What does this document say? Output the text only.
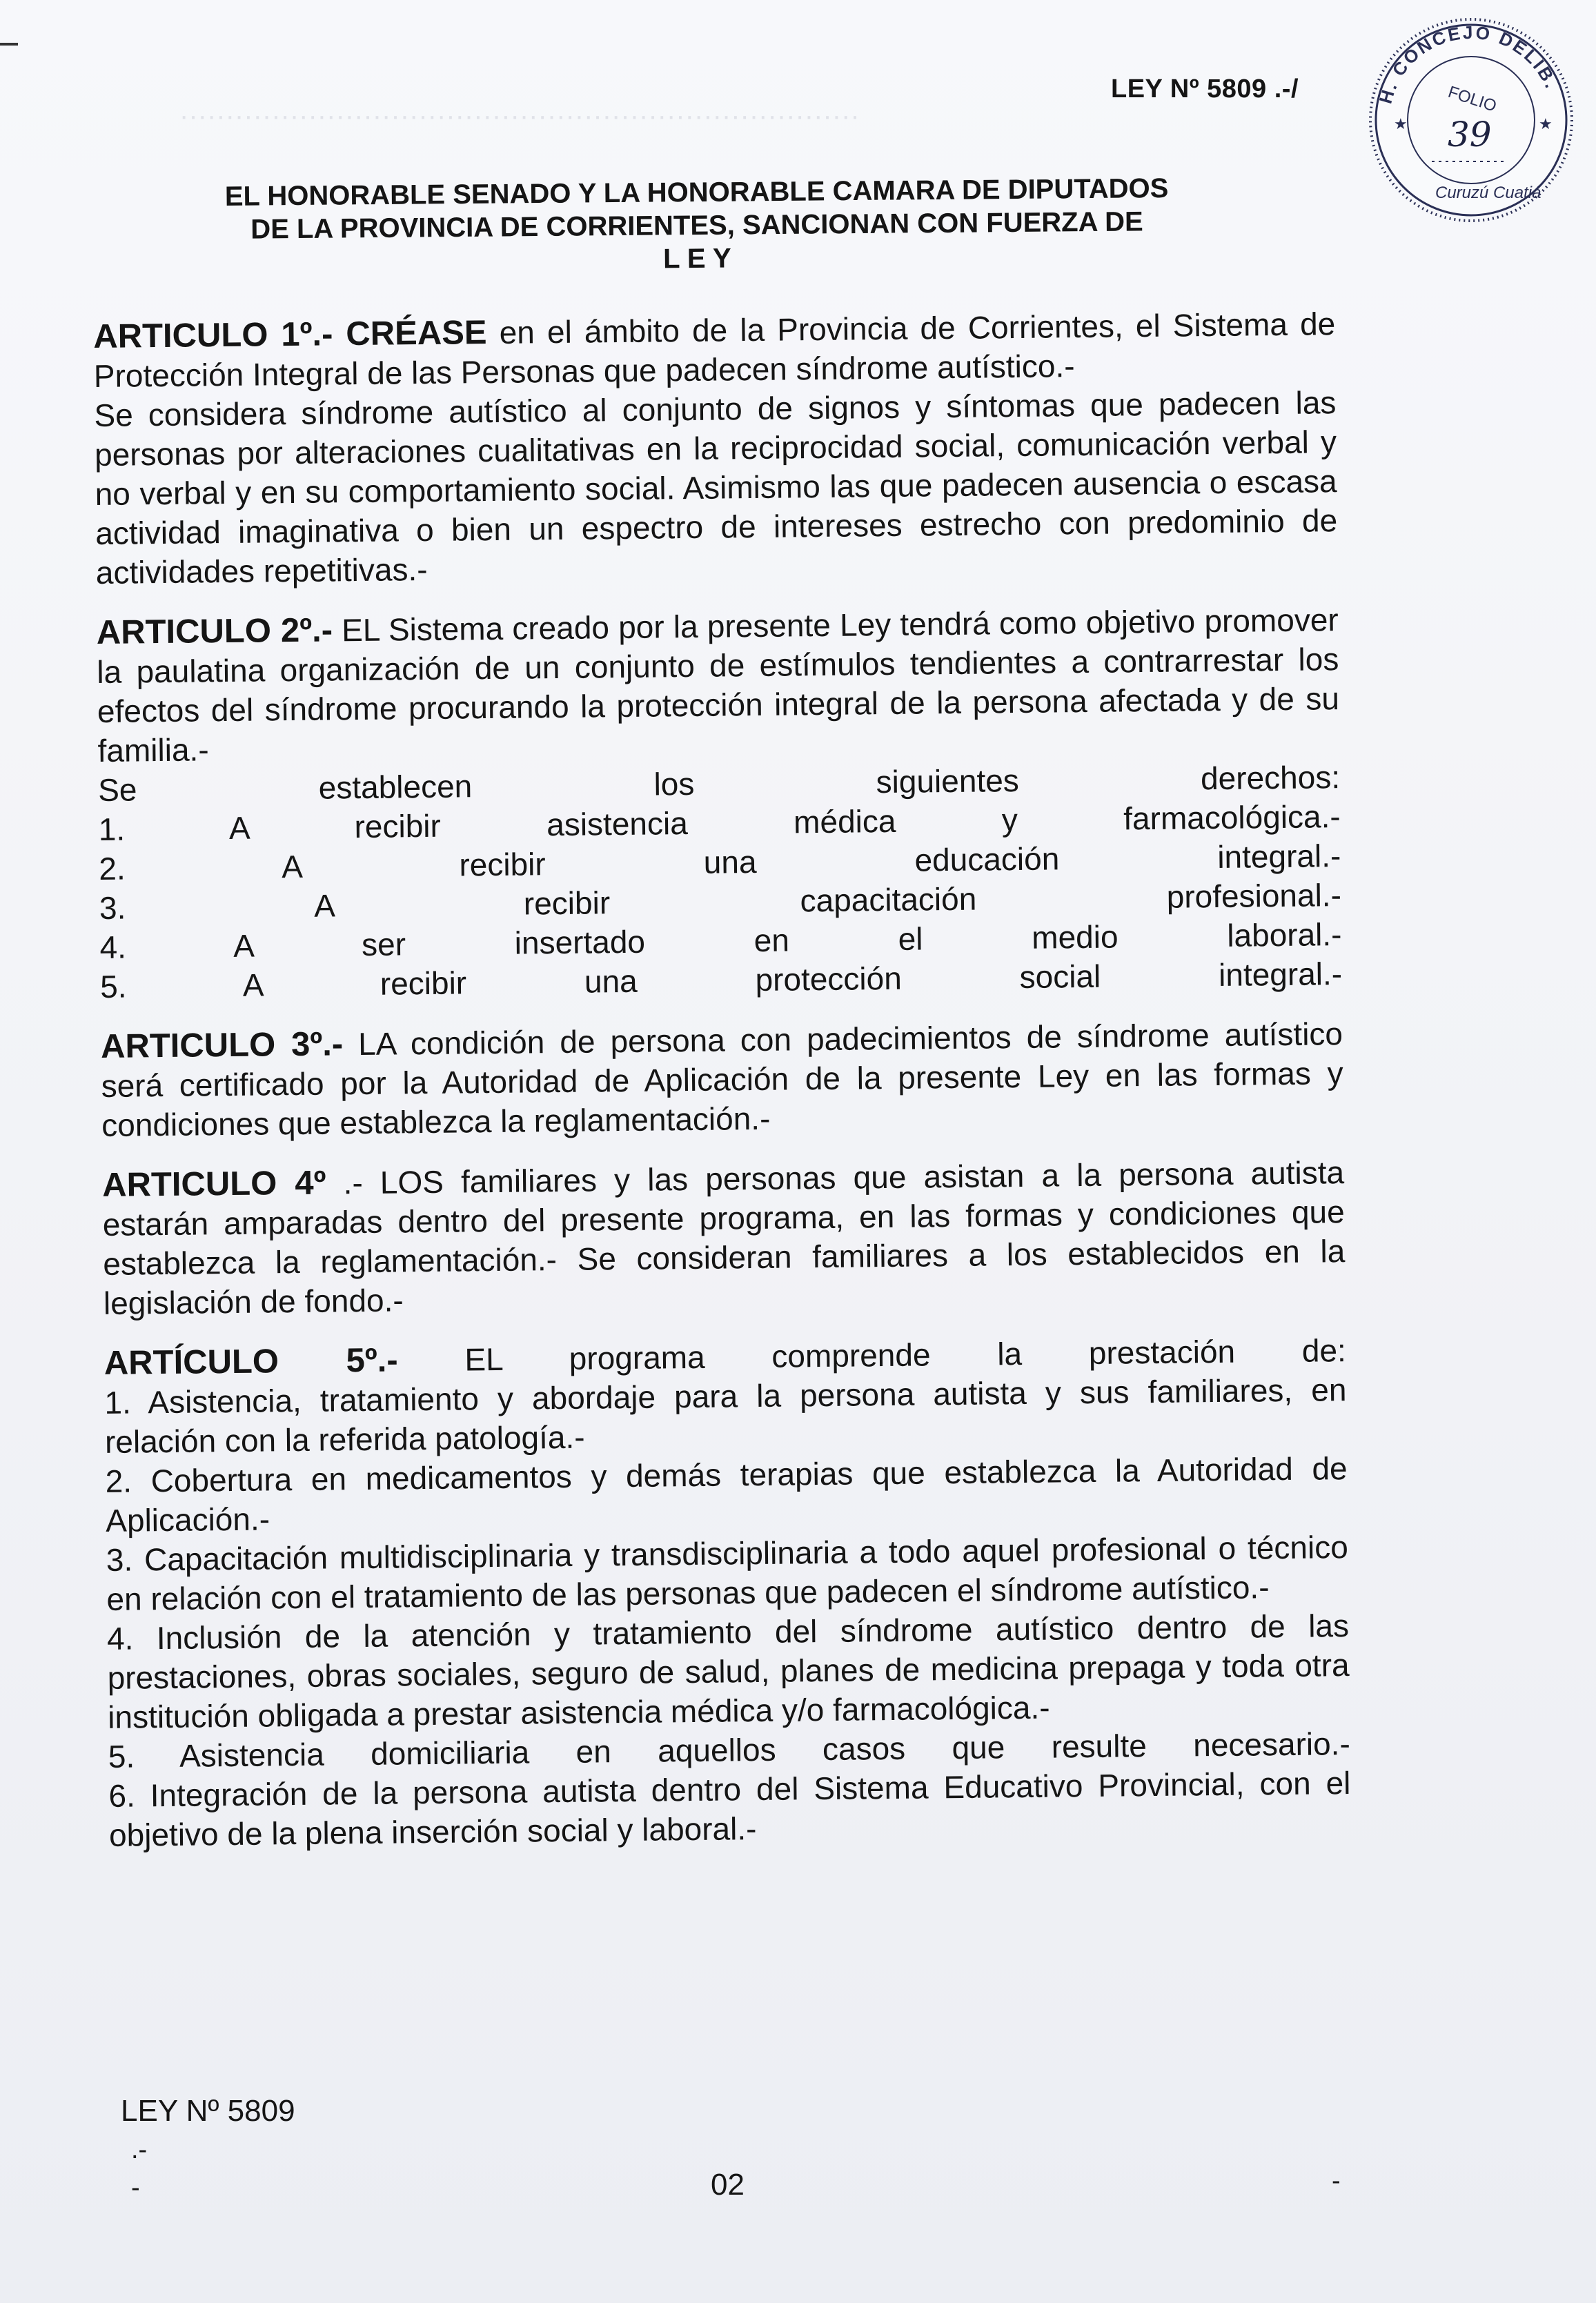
··········································································
LEY Nº 5809 .-/	H. CONCEJO DELIB.
Curuzú Cuatiá
FOLIO
39
★	★
EL HONORABLE SENADO Y LA HONORABLE CAMARA DE DIPUTADOS
DE LA PROVINCIA DE CORRIENTES, SANCIONAN CON FUERZA DE
L E Y
ARTICULO 1º.- CRÉASE en el ámbito de la Provincia de Corrientes, el Sistema de Protección Integral de las Personas que padecen síndrome autístico.-
Se considera síndrome autístico al conjunto de signos y síntomas que padecen las personas por alteraciones cualitativas en la reciprocidad social, comunicación verbal y no verbal y en su comportamiento social. Asimismo las que padecen ausencia o escasa actividad imaginativa o bien un espectro de intereses estrecho con predominio de actividades repetitivas.-
ARTICULO 2º.- EL Sistema creado por la presente Ley tendrá como objetivo promover la paulatina organización de un conjunto de estímulos tendientes a contrarrestar los efectos del síndrome procurando la protección integral de la persona afectada y de su familia.-
Se establecen los siguientes derechos:
1. A recibir asistencia médica y farmacológica.-
2. A recibir una educación integral.-
3. A recibir capacitación profesional.-
4. A ser insertado en el medio laboral.-
5. A recibir una protección social integral.-
ARTICULO 3º.- LA condición de persona con padecimientos de síndrome autístico será certificado por la Autoridad de Aplicación de la presente Ley en las formas y condiciones que establezca la reglamentación.-
ARTICULO 4º .- LOS familiares y las personas que asistan a la persona autista estarán amparadas dentro del presente programa, en las formas y condiciones que establezca la reglamentación.- Se consideran familiares a los establecidos en la legislación de fondo.-
ARTÍCULO 5º.- EL programa comprende la prestación de:
1. Asistencia, tratamiento y abordaje para la persona autista y sus familiares, en relación con la referida patología.-
2. Cobertura en medicamentos y demás terapias que establezca la Autoridad de Aplicación.-
3. Capacitación multidisciplinaria y transdisciplinaria a todo aquel profesional o técnico en relación con el tratamiento de las personas que padecen el síndrome autístico.-
4. Inclusión de la atención y tratamiento del síndrome autístico dentro de las prestaciones, obras sociales, seguro de salud, planes de medicina prepaga y toda otra institución obligada a prestar asistencia médica y/o farmacológica.-
5. Asistencia domiciliaria en aquellos casos que resulte necesario.-
6. Integración de la persona autista dentro del Sistema Educativo Provincial, con el objetivo de la plena inserción social y laboral.-
LEY Nº 5809
.-
-	02	-
